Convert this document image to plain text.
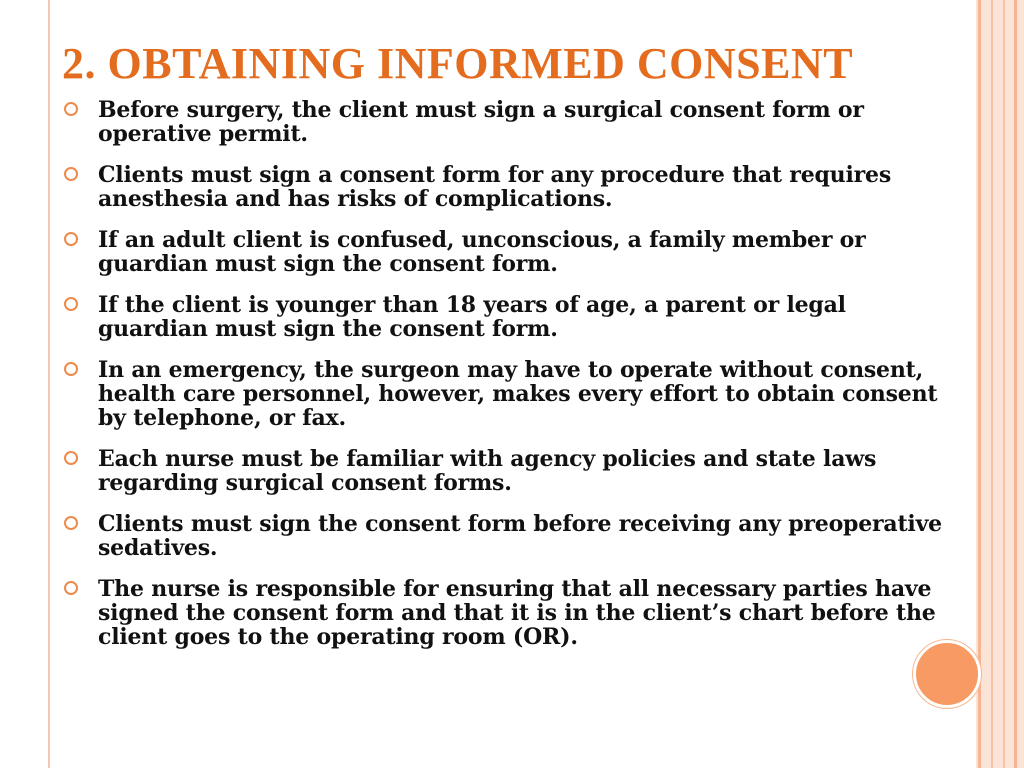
2. OBTAINING INFORMED CONSENT
Before surgery, the client must sign a surgical consent form or operative permit.
Clients must sign a consent form for any procedure that requires anesthesia and has risks of complications.
If an adult client is confused, unconscious, a family member or guardian must sign the consent form.
If the client is younger than 18 years of age, a parent or legal guardian must sign the consent form.
In an emergency, the surgeon may have to operate without consent, health care personnel, however, makes every effort to obtain consent by telephone, or fax.
Each nurse must be familiar with agency policies and state laws regarding surgical consent forms.
Clients must sign the consent form before receiving any preoperative sedatives.
The nurse is responsible for ensuring that all necessary parties have signed the consent form and that it is in the client’s chart before the client goes to the operating room (OR).
